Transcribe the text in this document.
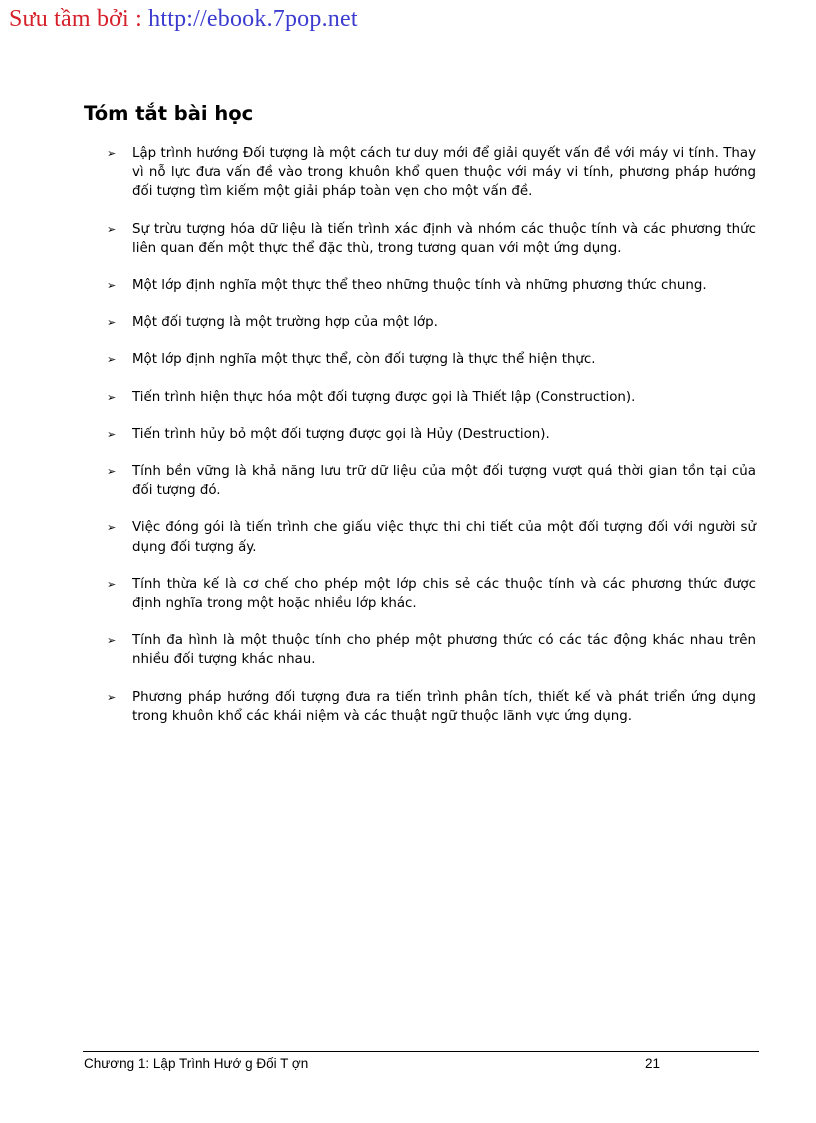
Sưu tầm bởi : http://ebook.7pop.net
Tóm tắt bài học
➢ Lập trình hướng Đối tượng là một cách tư duy mới để giải quyết vấn đề với máy vi tính. Thay vì nỗ lực đưa vấn đề vào trong khuôn khổ quen thuộc với máy vi tính, phương pháp hướng đối tượng tìm kiếm một giải pháp toàn vẹn cho một vấn đề.
➢ Sự trừu tượng hóa dữ liệu là tiến trình xác định và nhóm các thuộc tính và các phương thức liên quan đến một thực thể đặc thù, trong tương quan với một ứng dụng.
➢ Một lớp định nghĩa một thực thể theo những thuộc tính và những phương thức chung.
➢ Một đối tượng là một trường hợp của một lớp.
➢ Một lớp định nghĩa một thực thể, còn đối tượng là thực thể hiện thực.
➢ Tiến trình hiện thực hóa một đối tượng được gọi là Thiết lập (Construction).
➢ Tiến trình hủy bỏ một đối tượng được gọi là Hủy (Destruction).
➢ Tính bền vững là khả năng lưu trữ dữ liệu của một đối tượng vượt quá thời gian tồn tại của đối tượng đó.
➢ Việc đóng gói là tiến trình che giấu việc thực thi chi tiết của một đối tượng đối với người sử dụng đối tượng ấy.
➢ Tính thừa kế là cơ chế cho phép một lớp chis sẻ các thuộc tính và các phương thức được định nghĩa trong một hoặc nhiều lớp khác.
➢ Tính đa hình là một thuộc tính cho phép một phương thức có các tác động khác nhau trên nhiều đối tượng khác nhau.
➢ Phương pháp hướng đối tượng đưa ra tiến trình phân tích, thiết kế và phát triển ứng dụng trong khuôn khổ các khái niệm và các thuật ngữ thuộc lãnh vực ứng dụng.
Chương 1: Lập Trình Hướ g Đối T ợn	21
